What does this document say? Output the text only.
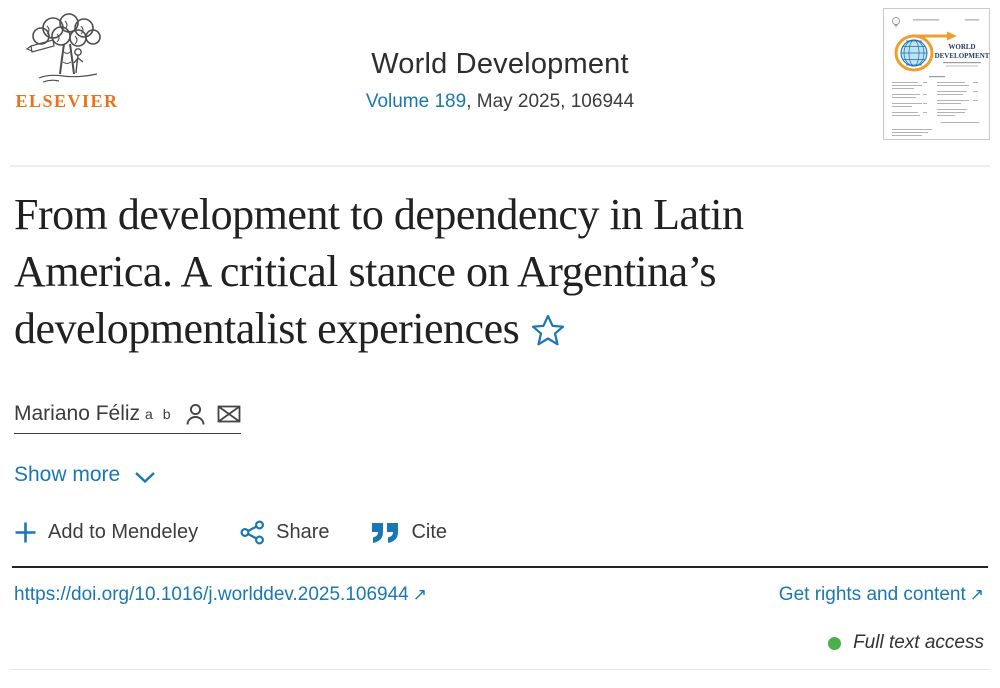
ELSEVIER
World Development
Volume 189, May 2025, 106944
WORLD
DEVELOPMENT
From development to dependency in Latin
America. A critical stance on Argentina’s
developmentalist experiences
Mariano Féliz a b
Show more
Add to Mendeley	Share	Cite
https://doi.org/10.1016/j.worlddev.2025.106944 ↗	Get rights and content ↗
Full text access
